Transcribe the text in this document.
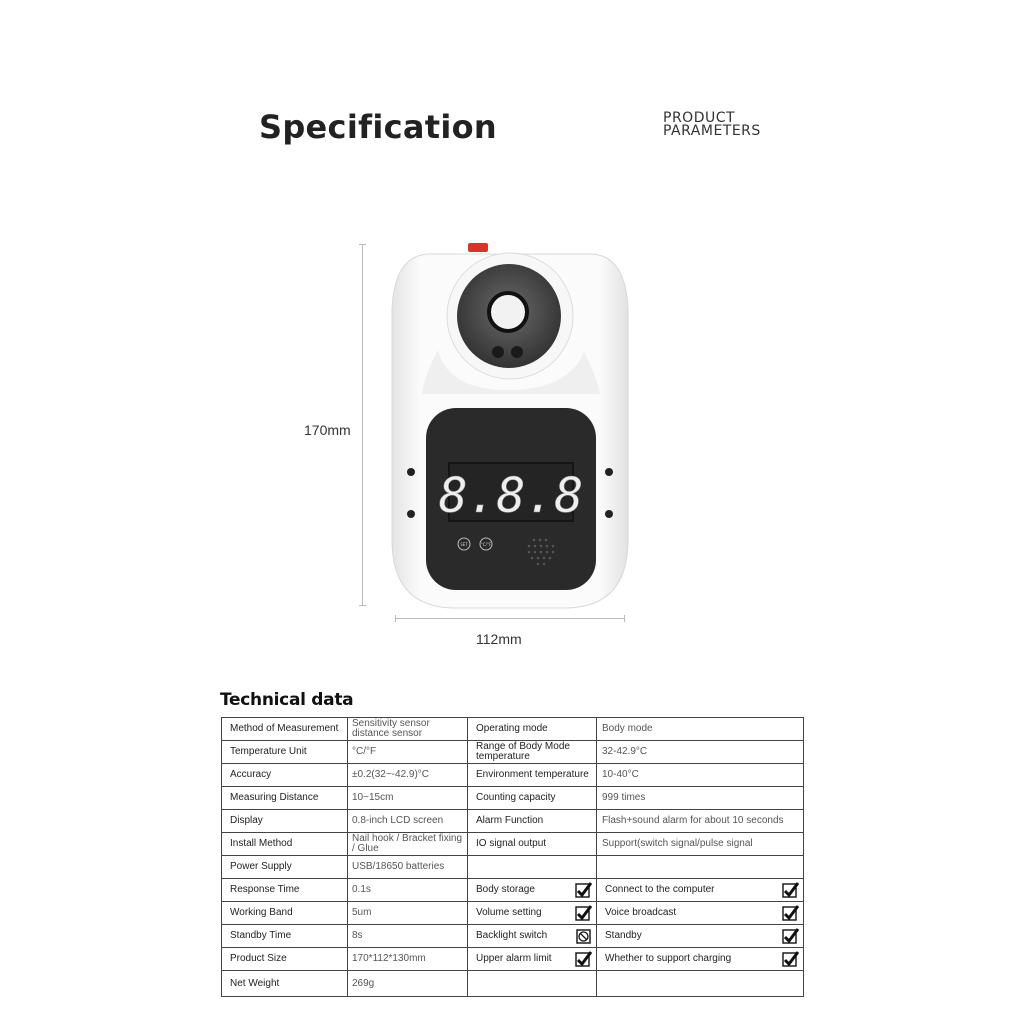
Specification	PRODUCT
PARAMETERS
170mm
112mm
8.8.8
SET	°C/°F
Technical data
Method of Measurement	Sensitivity sensor distance sensor	Operating mode	Body mode
Temperature Unit	°C/°F	Range of Body Mode temperature	32-42.9°C
Accuracy	±0.2(32~-42.9)°C	Environment temperature	10-40°C
Measuring Distance	10~15cm	Counting capacity	999 times
Display	0.8-inch LCD screen	Alarm Function	Flash+sound alarm for about 10 seconds
Install Method	Nail hook / Bracket fixing / Glue	IO signal output	Support(switch signal/pulse signal
Power Supply	USB/18650 batteries		
Response Time	0.1s	Body storage	Connect to the computer

Working Band	5um	Volume setting	Voice broadcast

Standby Time	8s	Backlight switch	Standby

Product Size	170*112*130mm	Upper alarm limit	Whether to support charging

Net Weight	269g		
